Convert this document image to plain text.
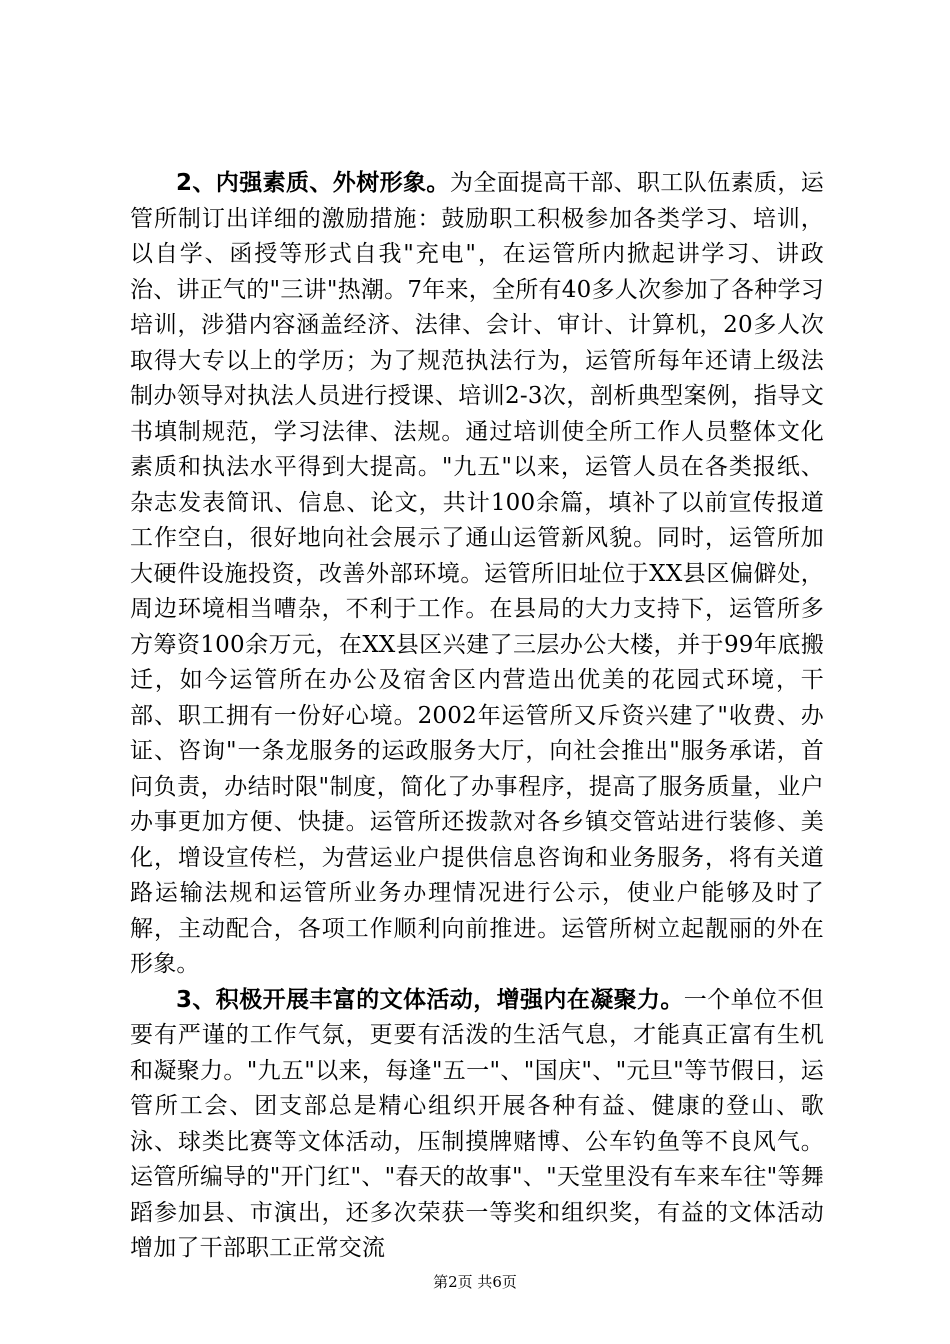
2、内强素质、外树形象。为全面提高干部、职工队伍素质，运管所制订出详细的激励措施：鼓励职工积极参加各类学习、培训，以自学、函授等形式自我"充电"，在运管所内掀起讲学习、讲政治、讲正气的"三讲"热潮。7年来，全所有40多人次参加了各种学习培训，涉猎内容涵盖经济、法律、会计、审计、计算机，20多人次取得大专以上的学历；为了规范执法行为，运管所每年还请上级法制办领导对执法人员进行授课、培训2-3次，剖析典型案例，指导文书填制规范，学习法律、法规。通过培训使全所工作人员整体文化素质和执法水平得到大提高。"九五"以来，运管人员在各类报纸、杂志发表简讯、信息、论文，共计100余篇，填补了以前宣传报道工作空白，很好地向社会展示了通山运管新风貌。同时，运管所加大硬件设施投资，改善外部环境。运管所旧址位于XX县区偏僻处，周边环境相当嘈杂，不利于工作。在县局的大力支持下，运管所多方筹资100余万元，在XX县区兴建了三层办公大楼，并于99年底搬迁，如今运管所在办公及宿舍区内营造出优美的花园式环境，干部、职工拥有一份好心境。2002年运管所又斥资兴建了"收费、办证、咨询"一条龙服务的运政服务大厅，向社会推出"服务承诺，首问负责，办结时限"制度，简化了办事程序，提高了服务质量，业户办事更加方便、快捷。运管所还拨款对各乡镇交管站进行装修、美化，增设宣传栏，为营运业户提供信息咨询和业务服务，将有关道路运输法规和运管所业务办理情况进行公示，使业户能够及时了解，主动配合，各项工作顺利向前推进。运管所树立起靓丽的外在形象。

3、积极开展丰富的文体活动，增强内在凝聚力。一个单位不但要有严谨的工作气氛，更要有活泼的生活气息，才能真正富有生机和凝聚力。"九五"以来，每逢"五一"、"国庆"、"元旦"等节假日，运管所工会、团支部总是精心组织开展各种有益、健康的登山、歌泳、球类比赛等文体活动，压制摸牌赌博、公车钓鱼等不良风气。运管所编导的"开门红"、"春天的故事"、"天堂里没有车来车往"等舞蹈参加县、市演出，还多次荣获一等奖和组织奖，有益的文体活动增加了干部职工正常交流

第2页 共6页
